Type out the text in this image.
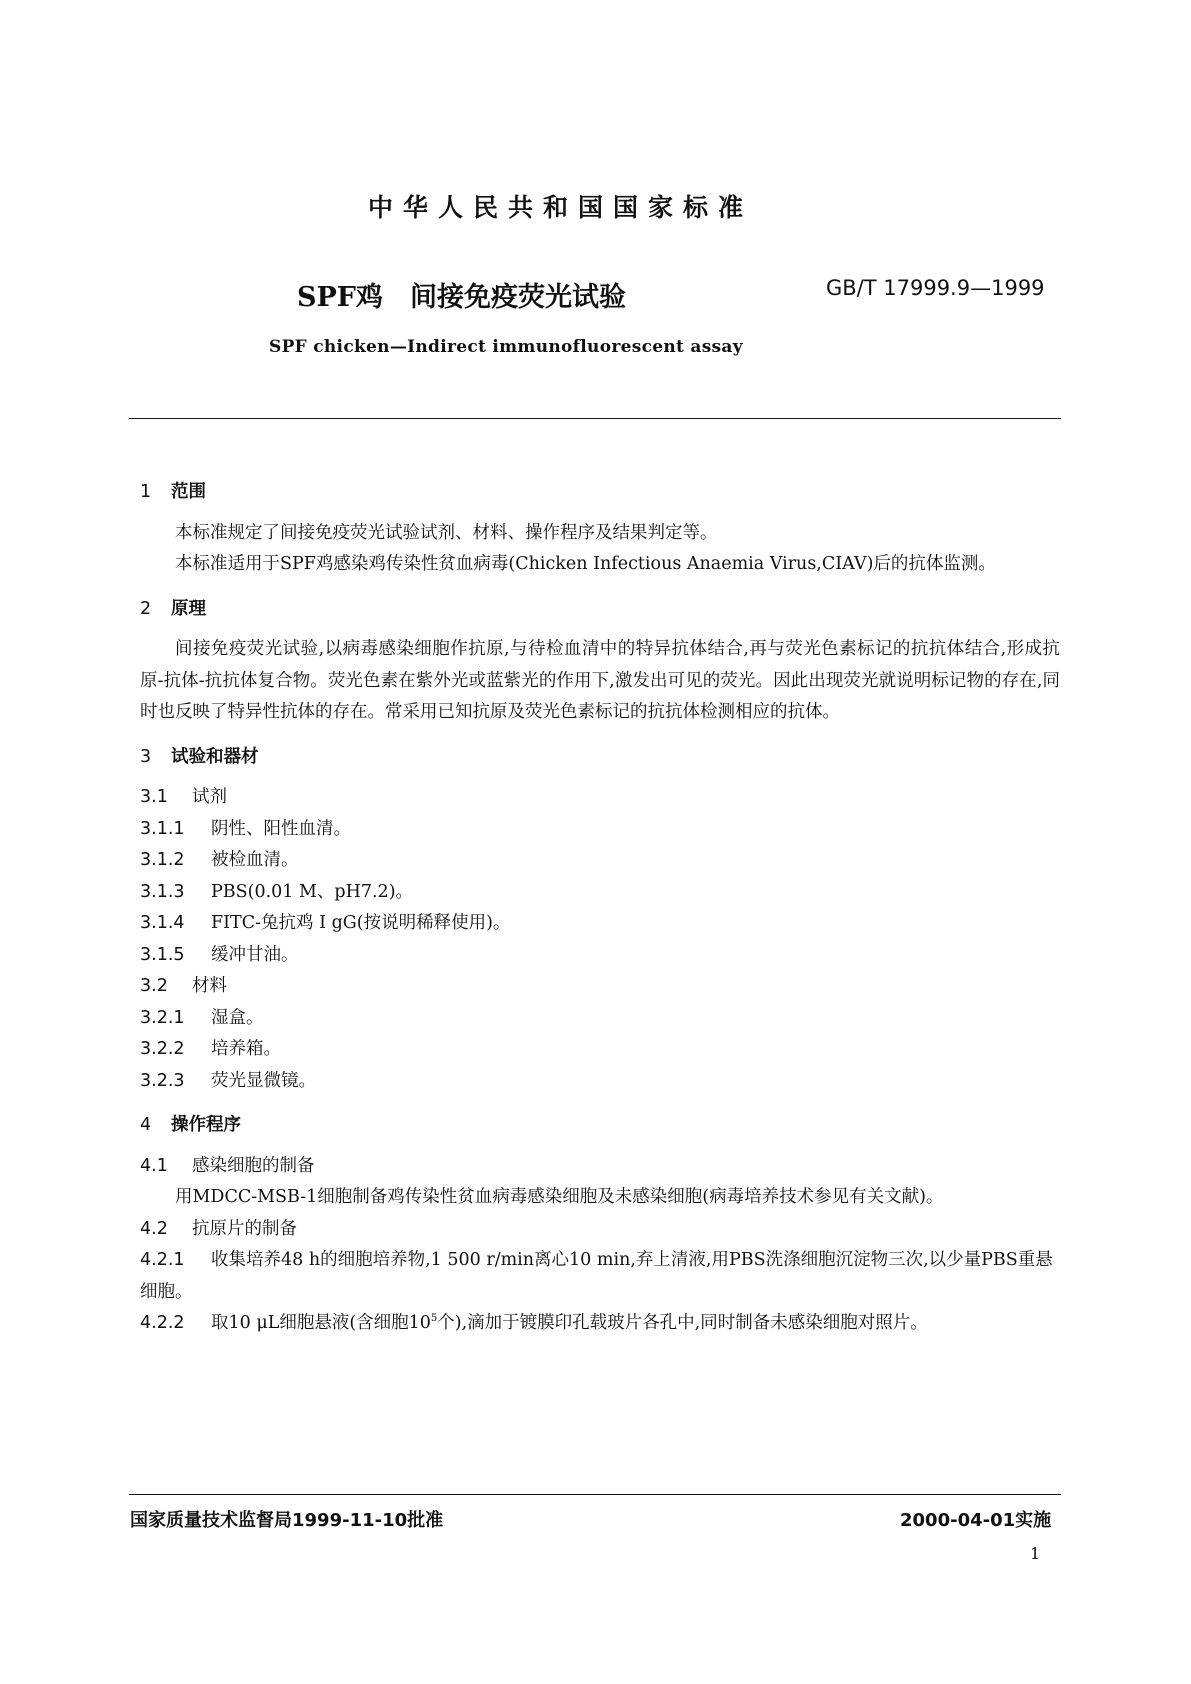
中华人民共和国国家标准
SPF鸡　间接免疫荧光试验	GB/T 17999.9—1999
SPF chicken—Indirect immunofluorescent assay
1 范围
本标准规定了间接免疫荧光试验试剂、材料、操作程序及结果判定等。
本标准适用于SPF鸡感染鸡传染性贫血病毒(Chicken Infectious Anaemia Virus,CIAV)后的抗体监测。
2 原理
间接免疫荧光试验,以病毒感染细胞作抗原,与待检血清中的特异抗体结合,再与荧光色素标记的抗抗体结合,形成抗原-抗体-抗抗体复合物。荧光色素在紫外光或蓝紫光的作用下,激发出可见的荧光。因此出现荧光就说明标记物的存在,同时也反映了特异性抗体的存在。常采用已知抗原及荧光色素标记的抗抗体检测相应的抗体。
3 试验和器材
3.1 试剂
3.1.1 阴性、阳性血清。
3.1.2 被检血清。
3.1.3 PBS(0.01 M、pH7.2)。
3.1.4 FITC-兔抗鸡 I gG(按说明稀释使用)。
3.1.5 缓冲甘油。
3.2 材料
3.2.1 湿盒。
3.2.2 培养箱。
3.2.3 荧光显微镜。
4 操作程序
4.1 感染细胞的制备
用MDCC-MSB-1细胞制备鸡传染性贫血病毒感染细胞及未感染细胞(病毒培养技术参见有关文献)。
4.2 抗原片的制备
4.2.1 收集培养48 h的细胞培养物,1 500 r/min离心10 min,弃上清液,用PBS洗涤细胞沉淀物三次,以少量PBS重悬细胞。
4.2.2 取10 μL细胞悬液(含细胞$10^5$个),滴加于镀膜印孔载玻片各孔中,同时制备未感染细胞对照片。
国家质量技术监督局1999-11-10批准	2000-04-01实施
1
